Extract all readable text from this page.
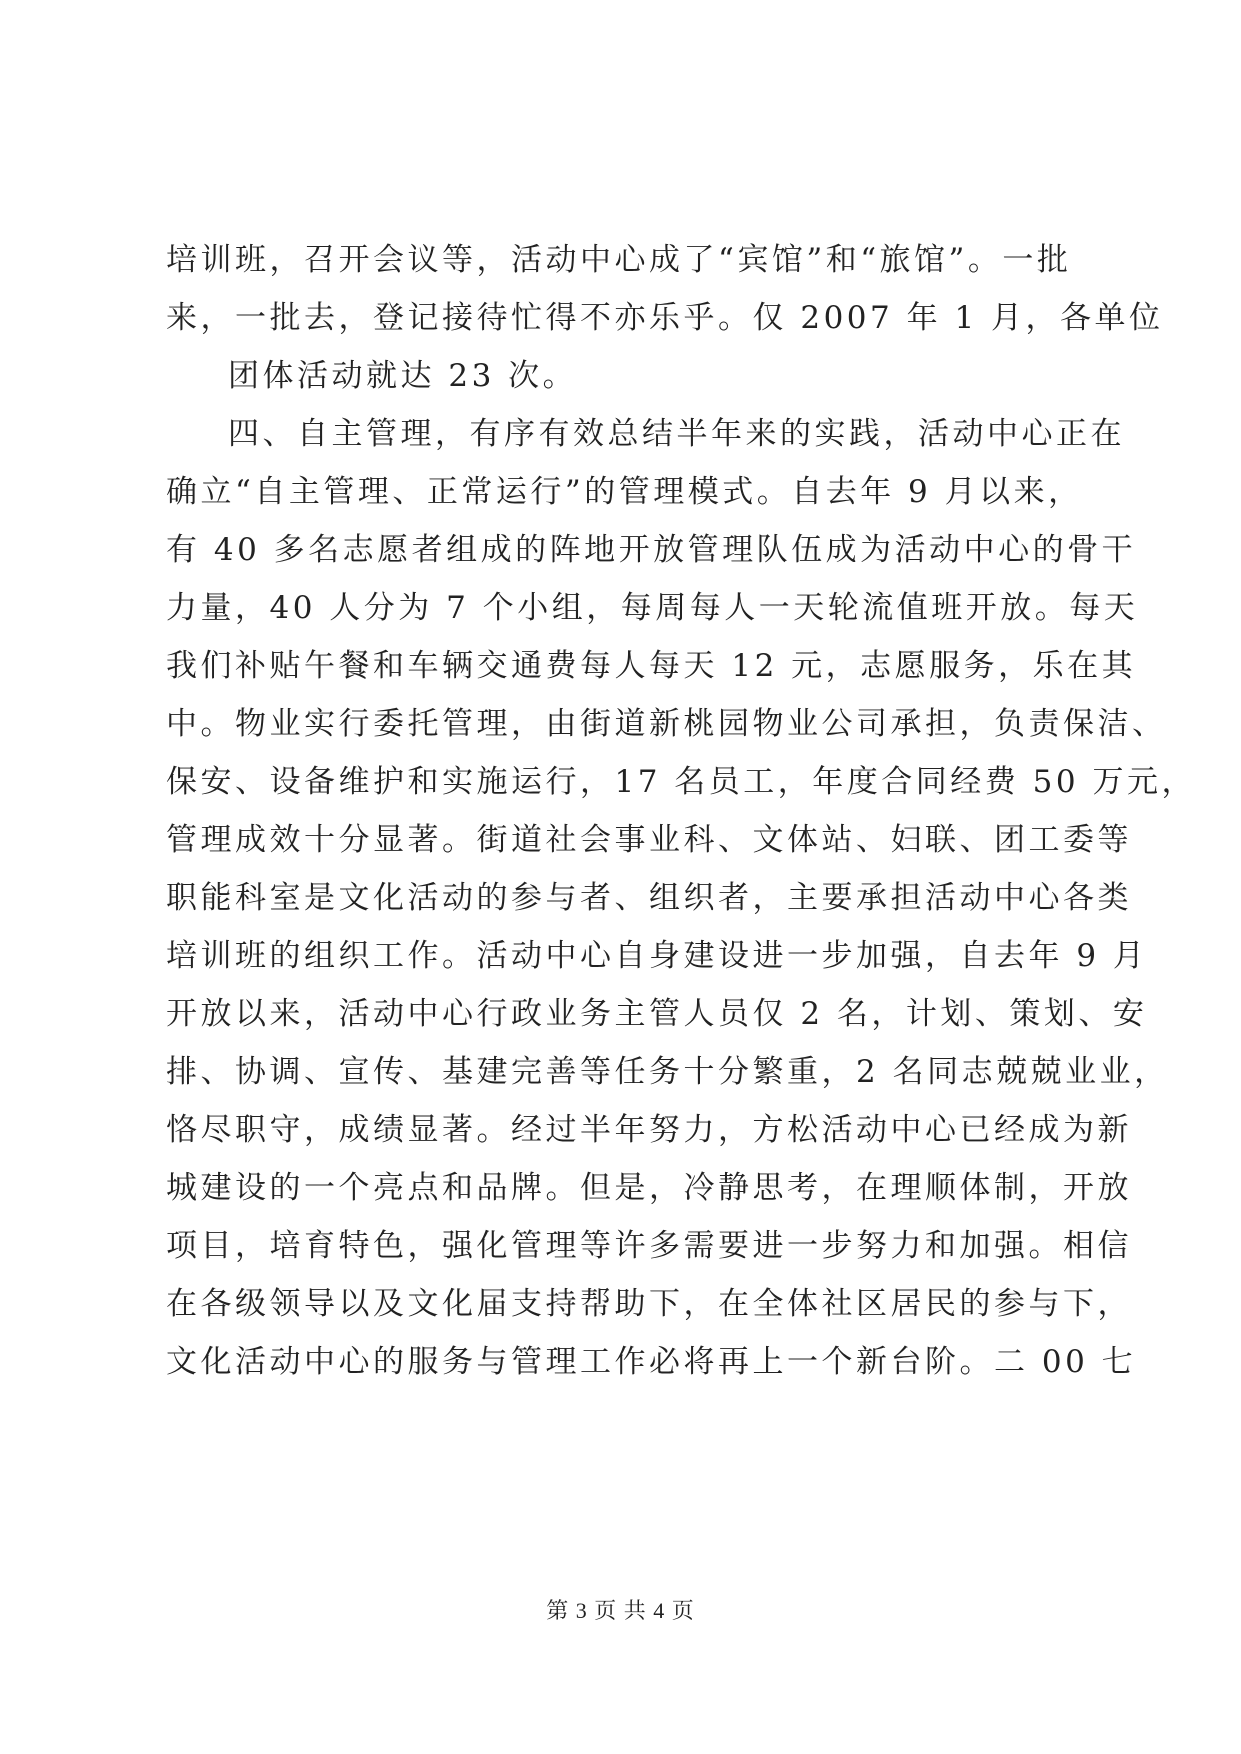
培训班，召开会议等，活动中心成了“宾馆”和“旅馆”。一批
来，一批去，登记接待忙得不亦乐乎。仅 2007 年 1 月，各单位
团体活动就达 23 次。
四、自主管理，有序有效总结半年来的实践，活动中心正在
确立“自主管理、正常运行”的管理模式。自去年 9 月以来，
有 40 多名志愿者组成的阵地开放管理队伍成为活动中心的骨干
力量，40 人分为 7 个小组，每周每人一天轮流值班开放。每天
我们补贴午餐和车辆交通费每人每天 12 元，志愿服务，乐在其
中。物业实行委托管理，由街道新桃园物业公司承担，负责保洁、
保安、设备维护和实施运行，17 名员工，年度合同经费 50 万元，
管理成效十分显著。街道社会事业科、文体站、妇联、团工委等
职能科室是文化活动的参与者、组织者，主要承担活动中心各类
培训班的组织工作。活动中心自身建设进一步加强，自去年 9 月
开放以来，活动中心行政业务主管人员仅 2 名，计划、策划、安
排、协调、宣传、基建完善等任务十分繁重，2 名同志兢兢业业，
恪尽职守，成绩显著。经过半年努力，方松活动中心已经成为新
城建设的一个亮点和品牌。但是，冷静思考，在理顺体制，开放
项目，培育特色，强化管理等许多需要进一步努力和加强。相信
在各级领导以及文化届支持帮助下，在全体社区居民的参与下，
文化活动中心的服务与管理工作必将再上一个新台阶。二 00 七
第 3 页 共 4 页
